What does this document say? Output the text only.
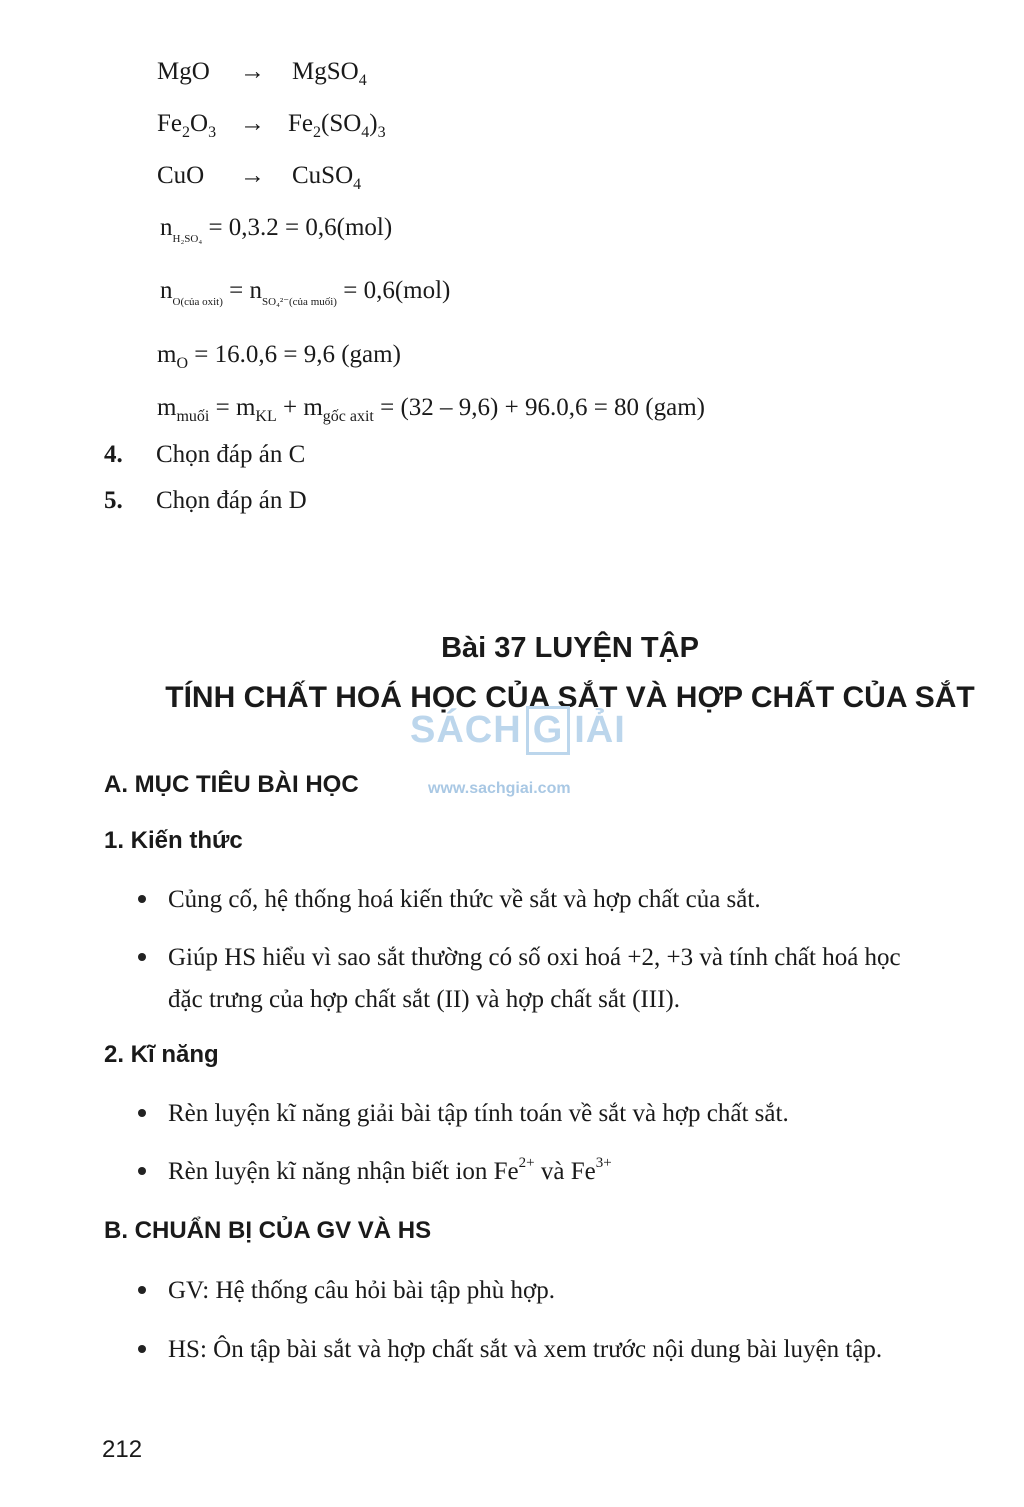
MgO → MgSO$_4$
$Fe_2O_3 \to Fe_2(SO_4)_3$
CuO → CuSO$_4$
$n_{H_2SO_4} = 0,3.2 = 0,6(mol)$
$n_{O(của oxit)} = n_{SO_4^{2-}(của muối)} = 0,6(mol)$
$m_O = 16.0,6 = 9,6$ (gam)
$m_{muối} = m_{KL} + m_{gốc axit} = (32 - 9,6) + 96.0,6 = 80$ (gam)
4. Chọn đáp án C
5. Chọn đáp án D
Bài 37 LUYỆN TẬP
TÍNH CHẤT HOÁ HỌC CỦA SẮT VÀ HỢP CHẤT CỦA SẮT
SÁCH G IẢI
www.sachgiai.com
A. MỤC TIÊU BÀI HỌC
1. Kiến thức
Củng cố, hệ thống hoá kiến thức về sắt và hợp chất của sắt.
Giúp HS hiểu vì sao sắt thường có số oxi hoá +2, +3 và tính chất hoá học
đặc trưng của hợp chất sắt (II) và hợp chất sắt (III).
2. Kĩ năng
Rèn luyện kĩ năng giải bài tập tính toán về sắt và hợp chất sắt.
Rèn luyện kĩ năng nhận biết ion $Fe^{2+}$ và $Fe^{3+}$
B. CHUẨN BỊ CỦA GV VÀ HS
GV: Hệ thống câu hỏi bài tập phù hợp.
HS: Ôn tập bài sắt và hợp chất sắt và xem trước nội dung bài luyện tập.
212
